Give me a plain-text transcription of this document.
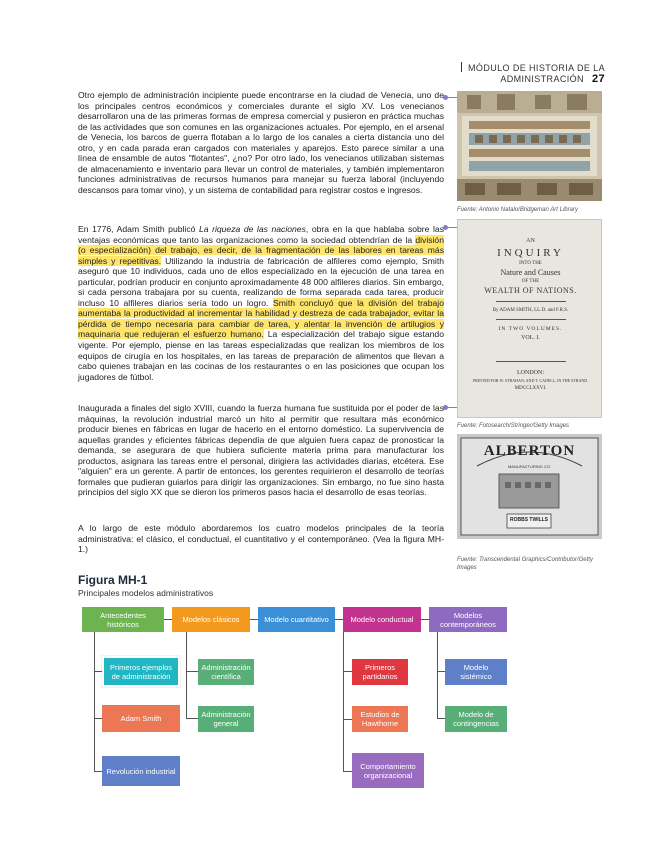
MÓDULO DE HISTORIA DE LA ADMINISTRACIÓN 27
Otro ejemplo de administración incipiente puede encontrarse en la ciudad de Venecia, uno de los principales centros económicos y comerciales durante el siglo XV. Los venecianos desarrollaron una de las primeras formas de empresa comercial y pusieron en práctica muchas de las actividades que son comunes en las organizaciones actuales. Por ejemplo, en el arsenal de Venecia, los barcos de guerra flotaban a lo largo de los canales a cierta distancia uno del otro, y en cada parada eran cargados con materiales y aparejos. Esto parece similar a una línea de ensamble de autos "flotantes", ¿no? Por otro lado, los venecianos utilizaban sistemas de almacenamiento e inventario para llevar un control de materiales, y también implementaron funciones administrativas de recursos humanos para manejar su fuerza laboral (incluyendo descansos para tomar vino), y un sistema de contabilidad para registrar costos e ingresos.
En 1776, Adam Smith publicó La riqueza de las naciones, obra en la que hablaba sobre las ventajas económicas que tanto las organizaciones como la sociedad obtendrían de la división (o especialización) del trabajo, es decir, de la fragmentación de las labores en tareas más simples y repetitivas. Utilizando la industria de fabricación de alfileres como ejemplo, Smith aseguró que 10 individuos, cada uno de ellos especializado en la ejecución de una tarea en particular, podrían producir en conjunto aproximadamente 48 000 alfileres diarios. Sin embargo, si cada persona trabajara por su cuenta, realizando de forma separada cada tarea, producir incluso 10 alfileres diarios sería todo un logro. Smith concluyó que la división del trabajo aumentaba la productividad al incrementar la habilidad y destreza de cada trabajador, evitar la pérdida de tiempo necesaria para cambiar de tarea, y alentar la invención de artilugios y maquinaria que redujeran el esfuerzo humano. La especialización del trabajo sigue estando vigente. Por ejemplo, piense en las tareas especializadas que realizan los miembros de los equipos de cirugía en los hospitales, en las tareas de preparación de alimentos que llevan a cabo quienes trabajan en las cocinas de los restaurantes o en las posiciones que ocupan los jugadores de fútbol.
Inaugurada a finales del siglo XVIII, cuando la fuerza humana fue sustituida por el poder de las máquinas, la revolución industrial marcó un hito al permitir que resultara más económico producir bienes en fábricas en lugar de hacerlo en el entorno doméstico. La supervivencia de aquellas grandes y eficientes fábricas dependía de que alguien fuera capaz de pronosticar la demanda, se asegurara de que hubiera suficiente materia prima para manufacturar los productos, asignara las tareas entre el personal, dirigiera las actividades diarias, etcétera. Ese "alguien" era un gerente. A partir de entonces, los gerentes requirieron el desarrollo de teorías formales que pudieran guiarlos para dirigir las organizaciones. Sin embargo, no fue sino hasta principios del siglo XX que se dieron los primeros pasos hacia el desarrollo de esas teorías.
A lo largo de este módulo abordaremos los cuatro modelos principales de la teoría administrativa: el clásico, el conductual, el cuantitativo y el contemporáneo. (Vea la figura MH-1.)
Fuente: Antonio Natalo/Bridgeman Art Library
AN
INQUIRY
INTO THE
Nature and Causes
OF THE
WEALTH OF NATIONS.
By ADAM SMITH, LL.D. and F.R.S.
IN TWO VOLUMES.
VOL. I.
LONDON:
PRINTED FOR W. STRAHAN; AND T. CADELL, IN THE STRAND.
MDCCLXXVI.
Fuente: Fotosearch/Stringer/Getty Images
ALBERTON
MANUFACTURING CO.
ROBBS TWILLS
Fuente: Transcendental Graphics/Contributor/Getty Images
Figura MH-1
Principales modelos administrativos
Antecedentes históricos	Modelos clásicos	Modelo cuantitativo	Modelo conductual	Modelos contemporáneos
Primeros ejemplos de administración
Adam Smith
Revolución industrial
Administración científica
Administración general
Primeros partidarios
Estudios de Hawthorne
Comportamiento organizacional
Modelo sistémico
Modelo de contingencias
